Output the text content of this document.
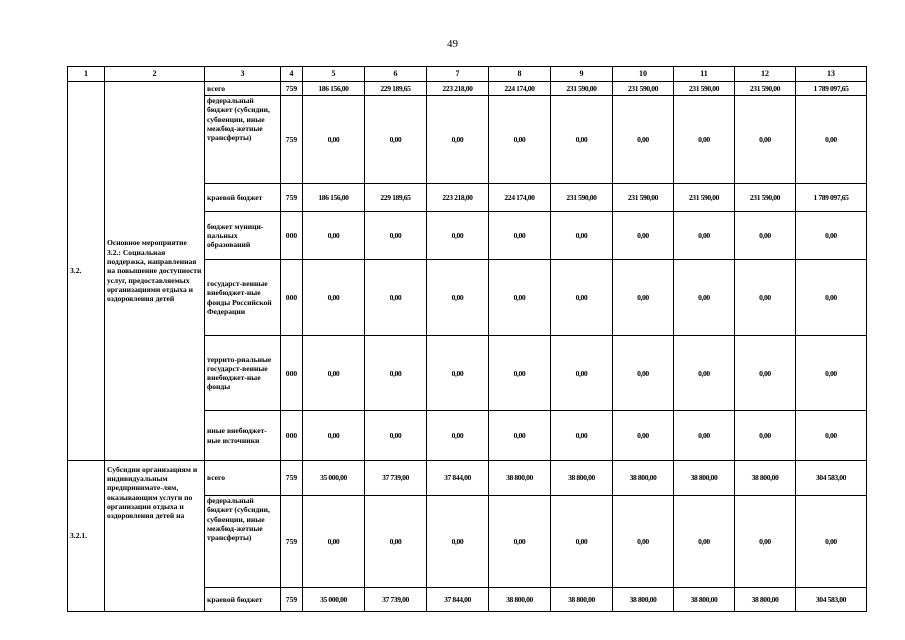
49
1	2	3	4	5	6	7	8	9	10	11	12	13
3.2.	Основное мероприятие 3.2.: Социальная поддержка, направленная на повышение доступности услуг, предоставляемых организациями отдыха и оздоровления детей	всего	759	186 156,00	229 189,65	223 218,00	224 174,00	231 590,00	231 590,00	231 590,00	231 590,00	1 789 097,65
		федеральный бюджет (субсидии, субвенции, иные межбюд-жетные трансферты)	759	0,00	0,00	0,00	0,00	0,00	0,00	0,00	0,00	0,00
		краевой бюджет	759	186 156,00	229 189,65	223 218,00	224 174,00	231 590,00	231 590,00	231 590,00	231 590,00	1 789 097,65
		бюджет муници-пальных образований	000	0,00	0,00	0,00	0,00	0,00	0,00	0,00	0,00	0,00
		государст-венные внебюджет-ные фонды Российской Федерации	000	0,00	0,00	0,00	0,00	0,00	0,00	0,00	0,00	0,00
		террито-риальные государст-венные внебюджет-ные фонды	000	0,00	0,00	0,00	0,00	0,00	0,00	0,00	0,00	0,00
		иные внебюджет-ные источники	000	0,00	0,00	0,00	0,00	0,00	0,00	0,00	0,00	0,00
3.2.1.	Субсидии организациям и индивидуальным предпринимате-лям, оказывающим услуги по организации отдыха и оздоровления детей на	всего	759	35 000,00	37 739,00	37 844,00	38 800,00	38 800,00	38 800,00	38 800,00	38 800,00	304 583,00
		федеральный бюджет (субсидии, субвенции, иные межбюд-жетные трансферты)	759	0,00	0,00	0,00	0,00	0,00	0,00	0,00	0,00	0,00
		краевой бюджет	759	35 000,00	37 739,00	37 844,00	38 800,00	38 800,00	38 800,00	38 800,00	38 800,00	304 583,00
